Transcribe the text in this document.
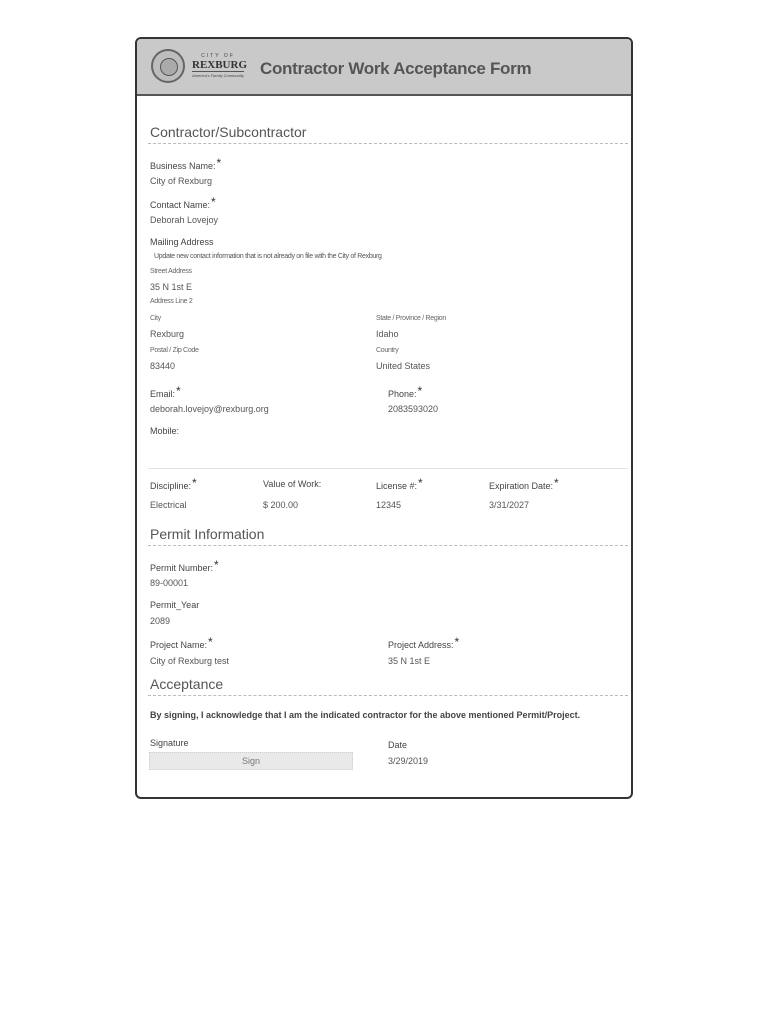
CITY OF
REXBURG
America's Family Community Contractor Work Acceptance Form
Contractor/Subcontractor
Business Name:*
City of Rexburg
Contact Name:*
Deborah Lovejoy
Mailing Address
Update new contact information that is not already on file with the City of Rexburg
Street Address
35 N 1st E
Address Line 2
City
Rexburg
State / Province / Region
Idaho
Postal / Zip Code
83440
Country
United States
Email:*
deborah.lovejoy@rexburg.org
Phone:*
2083593020
Mobile:
Discipline:*
Electrical
Value of Work:
$ 200.00
License #:*
12345
Expiration Date:*
3/31/2027
Permit Information
Permit Number:*
89-00001
Permit_Year
2089
Project Name:*
City of Rexburg test
Project Address:*
35 N 1st E
Acceptance
By signing, I acknowledge that I am the indicated contractor for the above mentioned Permit/Project.
Signature
Sign
Date
3/29/2019
